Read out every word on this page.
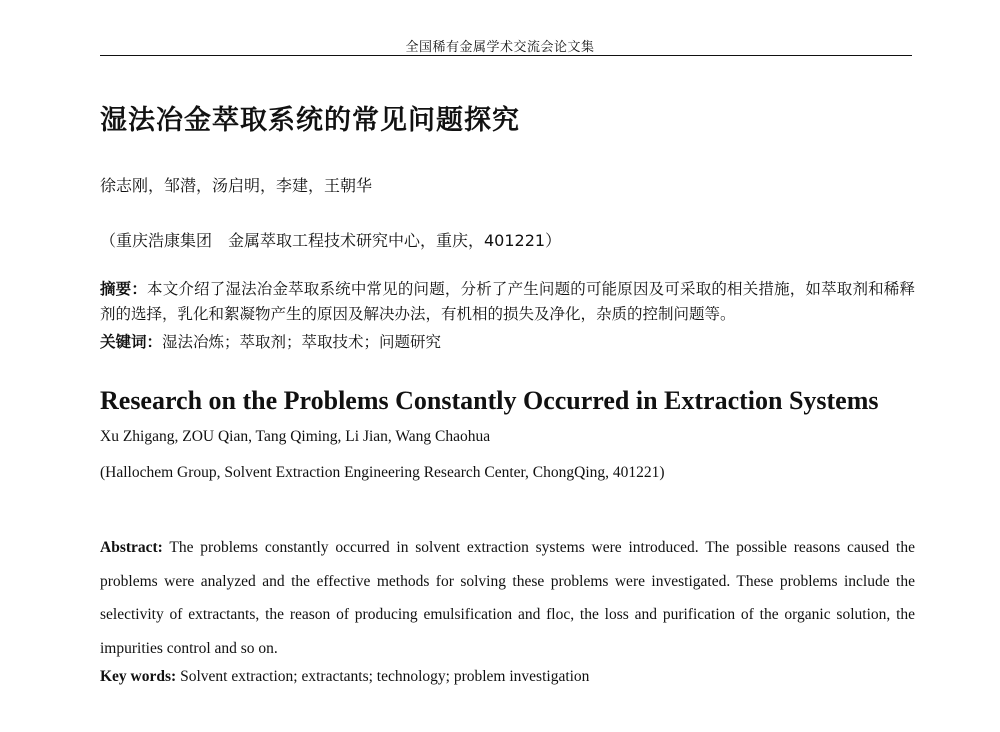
全国稀有金属学术交流会论文集
湿法冶金萃取系统的常见问题探究
徐志刚，邹潜，汤启明，李建，王朝华
（重庆浩康集团　金属萃取工程技术研究中心，重庆，401221）
摘要：本文介绍了湿法冶金萃取系统中常见的问题，分析了产生问题的可能原因及可采取的相关措施，如萃取剂和稀释剂的选择，乳化和絮凝物产生的原因及解决办法，有机相的损失及净化，杂质的控制问题等。
关键词：湿法冶炼；萃取剂；萃取技术；问题研究
Research on the Problems Constantly Occurred in Extraction Systems
Xu Zhigang, ZOU Qian, Tang Qiming, Li Jian, Wang Chaohua
(Hallochem Group, Solvent Extraction Engineering Research Center, ChongQing, 401221)
Abstract: The problems constantly occurred in solvent extraction systems were introduced. The possible reasons caused the problems were analyzed and the effective methods for solving these problems were investigated. These problems include the selectivity of extractants, the reason of producing emulsification and floc, the loss and purification of the organic solution, the impurities control and so on.
Key words: Solvent extraction; extractants; technology; problem investigation
